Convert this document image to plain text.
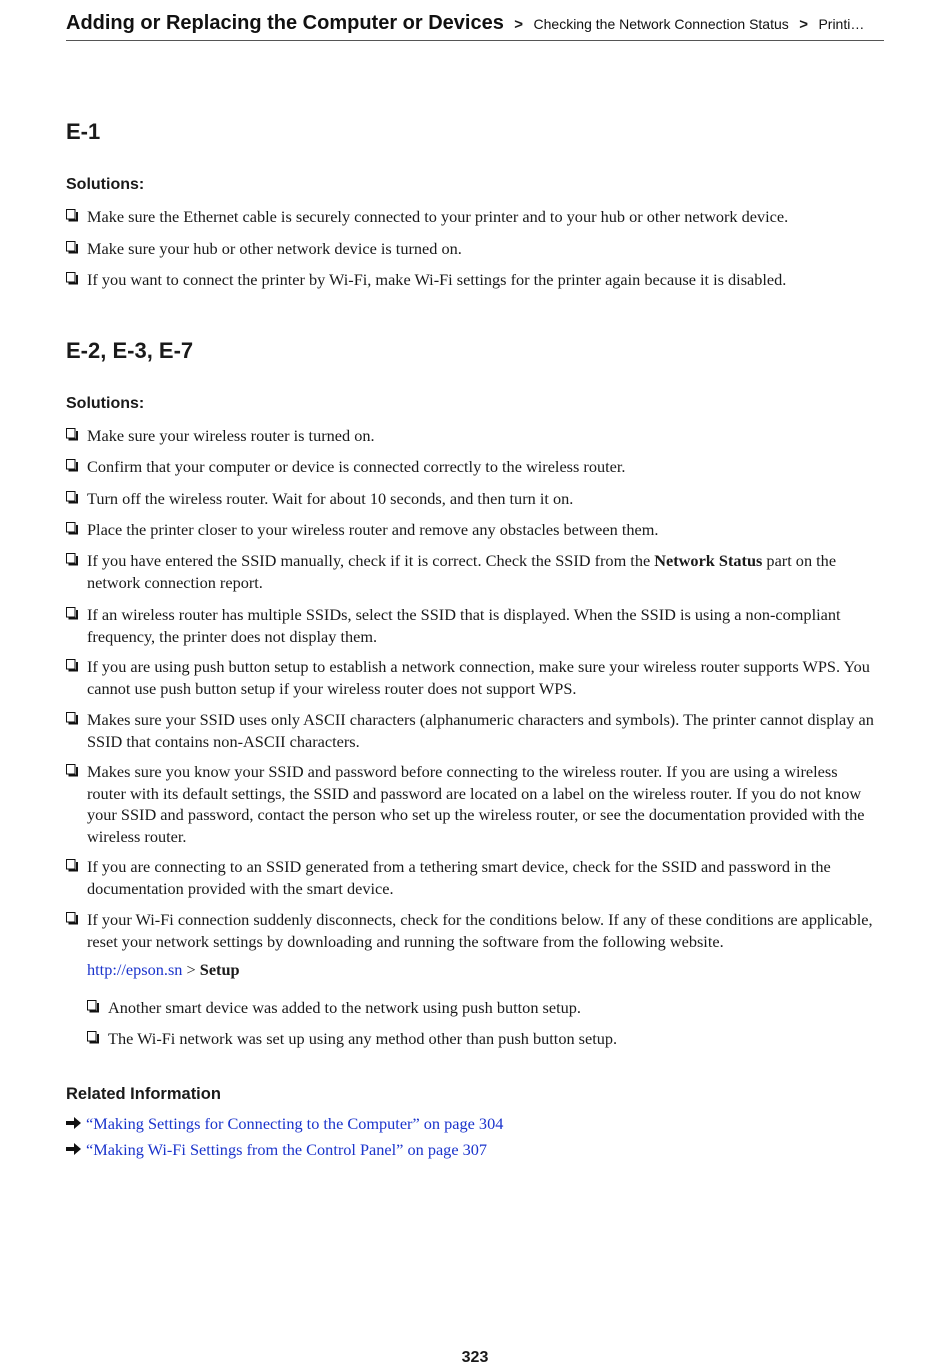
Adding or Replacing the Computer or Devices > Checking the Network Connection Status > Printi…
E-1
Solutions:
Make sure the Ethernet cable is securely connected to your printer and to your hub or other network device.
Make sure your hub or other network device is turned on.
If you want to connect the printer by Wi-Fi, make Wi-Fi settings for the printer again because it is disabled.
E-2, E-3, E-7
Solutions:
Make sure your wireless router is turned on.
Confirm that your computer or device is connected correctly to the wireless router.
Turn off the wireless router. Wait for about 10 seconds, and then turn it on.
Place the printer closer to your wireless router and remove any obstacles between them.
If you have entered the SSID manually, check if it is correct. Check the SSID from the Network Status part on the network connection report.
If an wireless router has multiple SSIDs, select the SSID that is displayed. When the SSID is using a non-compliant frequency, the printer does not display them.
If you are using push button setup to establish a network connection, make sure your wireless router supports WPS. You cannot use push button setup if your wireless router does not support WPS.
Makes sure your SSID uses only ASCII characters (alphanumeric characters and symbols). The printer cannot display an SSID that contains non-ASCII characters.
Makes sure you know your SSID and password before connecting to the wireless router. If you are using a wireless router with its default settings, the SSID and password are located on a label on the wireless router. If you do not know your SSID and password, contact the person who set up the wireless router, or see the documentation provided with the wireless router.
If you are connecting to an SSID generated from a tethering smart device, check for the SSID and password in the documentation provided with the smart device.
If your Wi-Fi connection suddenly disconnects, check for the conditions below. If any of these conditions are applicable, reset your network settings by downloading and running the software from the following website.
http://epson.sn > Setup
Another smart device was added to the network using push button setup.
The Wi-Fi network was set up using any method other than push button setup.
Related Information
“Making Settings for Connecting to the Computer” on page 304
“Making Wi-Fi Settings from the Control Panel” on page 307
323
